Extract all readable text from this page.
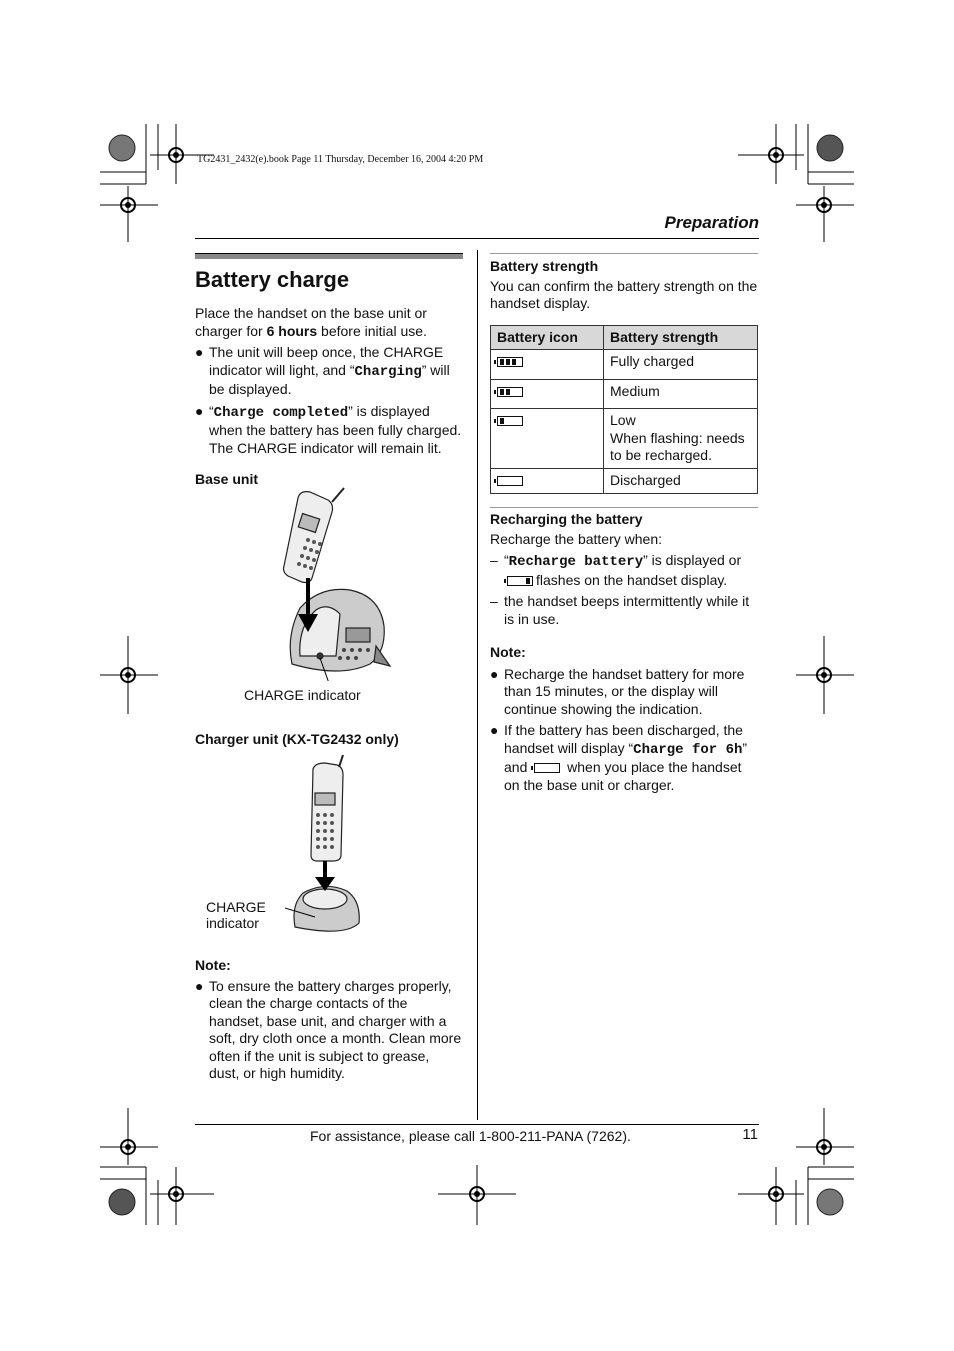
TG2431_2432(e).book Page 11 Thursday, December 16, 2004 4:20 PM
Preparation
Battery charge

Place the handset on the base unit or charger for 6 hours before initial use.

● The unit will beep once, the CHARGE indicator will light, and “Charging” will be displayed.

● “Charge completed” is displayed when the battery has been fully charged. The CHARGE indicator will remain lit.

Base unit

CHARGE indicator
Charger unit (KX-TG2432 only)
CHARGE
indicator

Note:

● To ensure the battery charges properly, clean the charge contacts of the handset, base unit, and charger with a soft, dry cloth once a month. Clean more often if the unit is subject to grease, dust, or high humidity.

Battery strength

You can confirm the battery strength on the handset display.

Battery icon	Battery strength

	Fully charged

	Medium

	Low
When flashing: needs to be recharged.

	Discharged

Recharging the battery

Recharge the battery when:

– “Recharge battery” is displayed or
flashes on the handset display.

– the handset beeps intermittently while it is in use.

Note:

● Recharge the handset battery for more than 15 minutes, or the display will continue showing the indication.

● If the battery has been discharged, the handset will display “Charge for 6h” and	when you place the handset on the base unit or charger.

For assistance, please call 1-800-211-PANA (7262).	11
